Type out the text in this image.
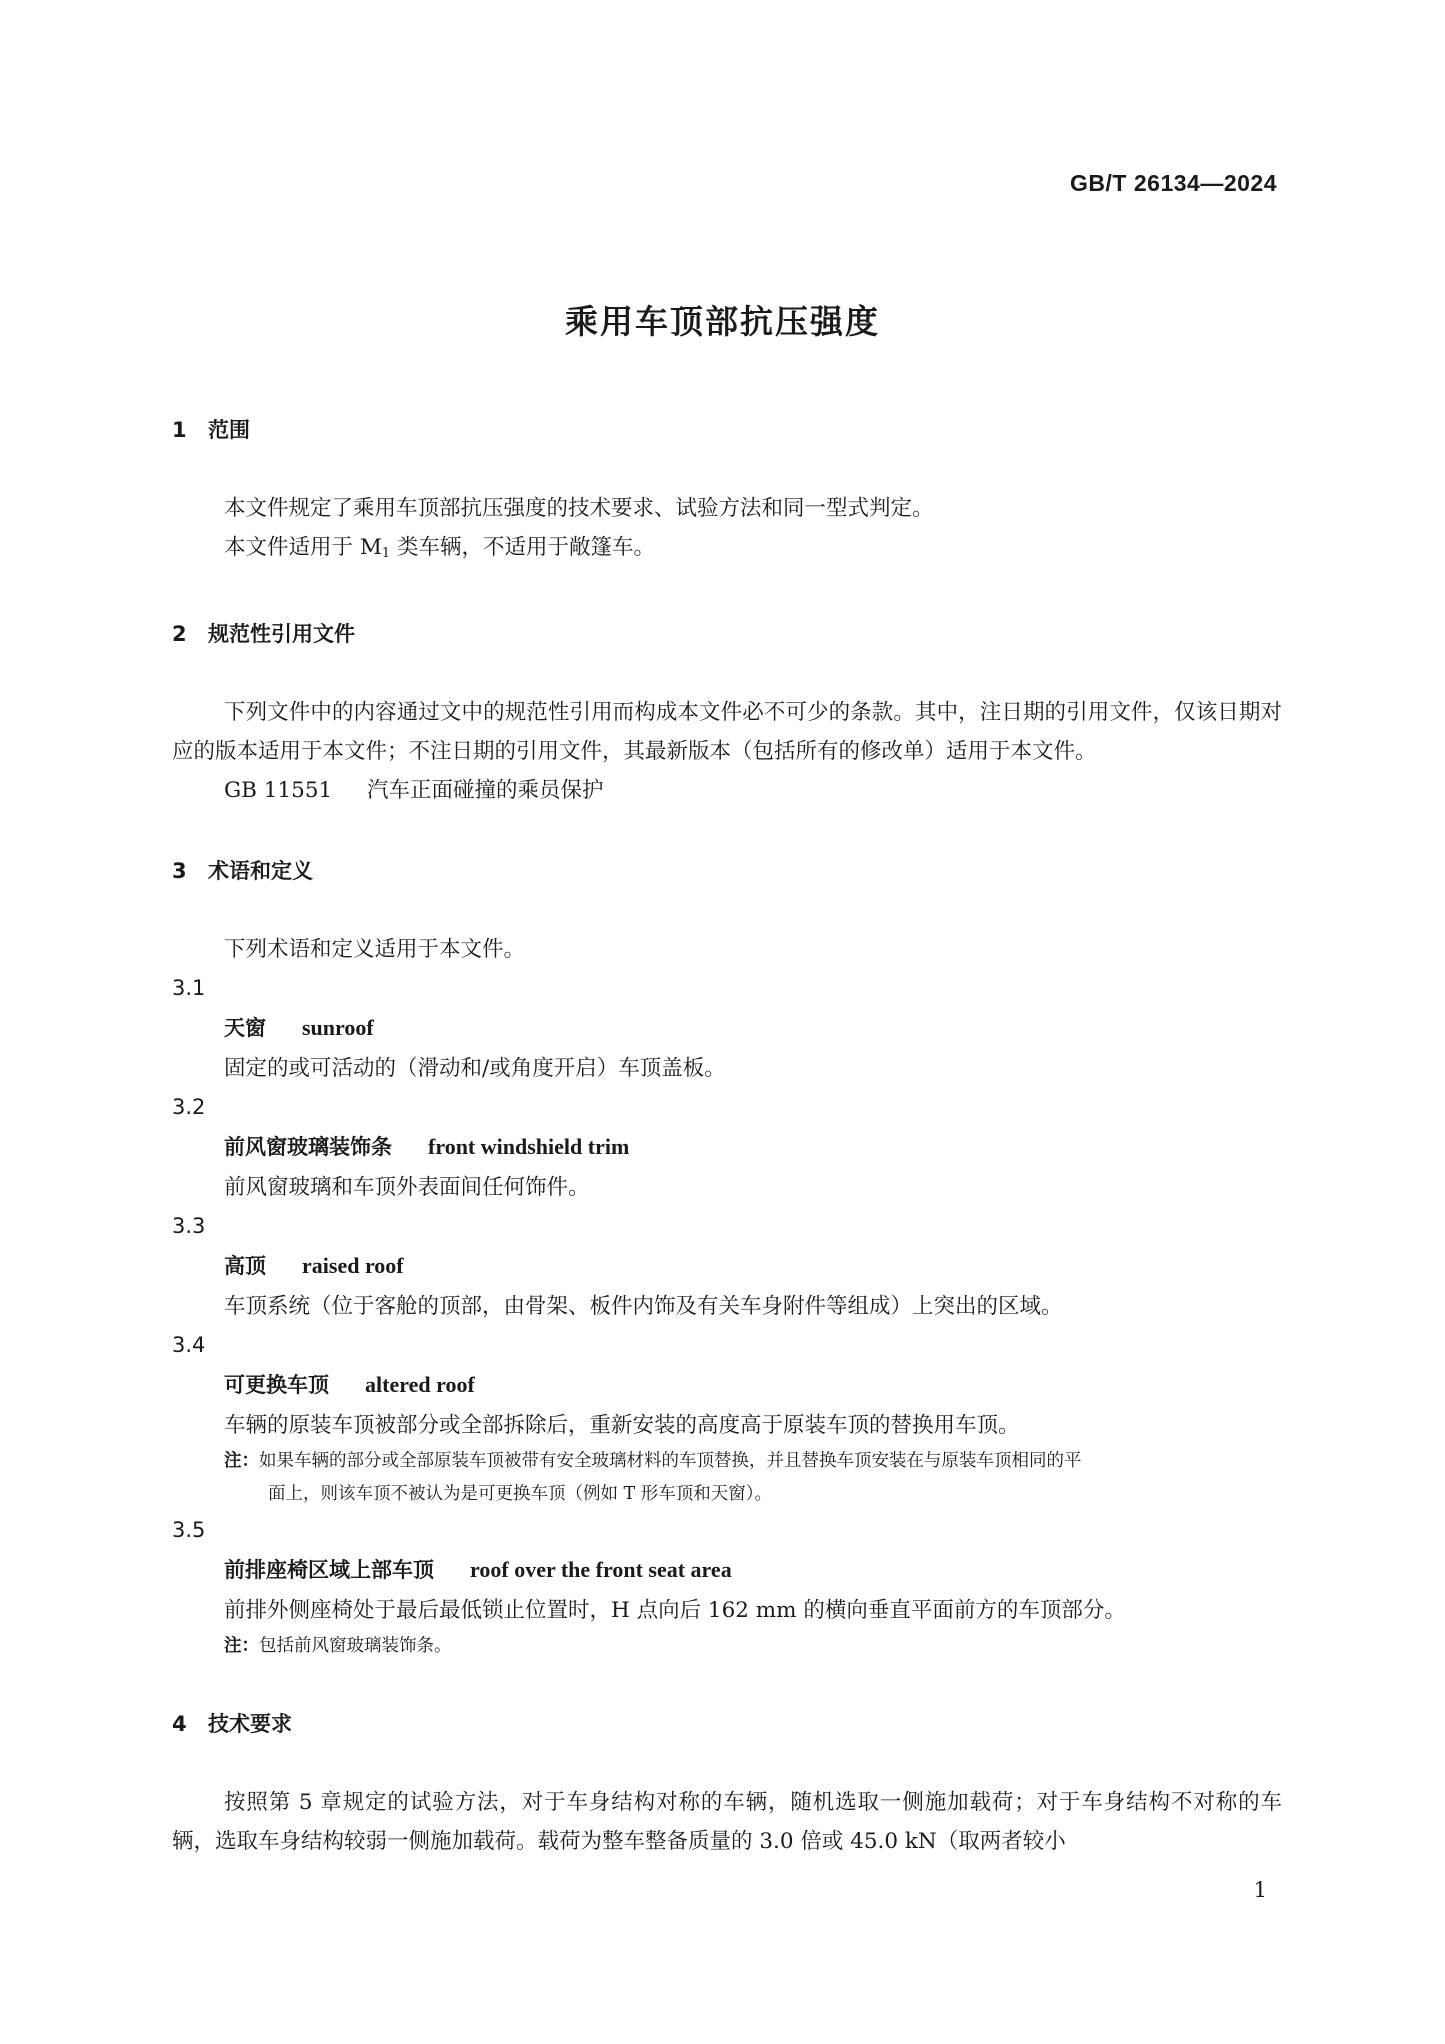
GB/T 26134—2024
乘用车顶部抗压强度
1 范围
本文件规定了乘用车顶部抗压强度的技术要求、试验方法和同一型式判定。
本文件适用于 $M_1$ 类车辆，不适用于敞篷车。
2 规范性引用文件
下列文件中的内容通过文中的规范性引用而构成本文件必不可少的条款。其中，注日期的引用文件，仅该日期对应的版本适用于本文件；不注日期的引用文件，其最新版本（包括所有的修改单）适用于本文件。
GB 11551 汽车正面碰撞的乘员保护
3 术语和定义
下列术语和定义适用于本文件。
3.1
天窗 sunroof
固定的或可活动的（滑动和/或角度开启）车顶盖板。
3.2
前风窗玻璃装饰条 front windshield trim
前风窗玻璃和车顶外表面间任何饰件。
3.3
高顶 raised roof
车顶系统（位于客舱的顶部，由骨架、板件内饰及有关车身附件等组成）上突出的区域。
3.4
可更换车顶 altered roof
车辆的原装车顶被部分或全部拆除后，重新安装的高度高于原装车顶的替换用车顶。
注：如果车辆的部分或全部原装车顶被带有安全玻璃材料的车顶替换，并且替换车顶安装在与原装车顶相同的平
面上，则该车顶不被认为是可更换车顶（例如 T 形车顶和天窗）。
3.5
前排座椅区域上部车顶 roof over the front seat area
前排外侧座椅处于最后最低锁止位置时，H 点向后 162 mm 的横向垂直平面前方的车顶部分。
注：包括前风窗玻璃装饰条。
4 技术要求
按照第 5 章规定的试验方法，对于车身结构对称的车辆，随机选取一侧施加载荷；对于车身结构不对称的车辆，选取车身结构较弱一侧施加载荷。载荷为整车整备质量的 3.0 倍或 45.0 kN（取两者较小
1
